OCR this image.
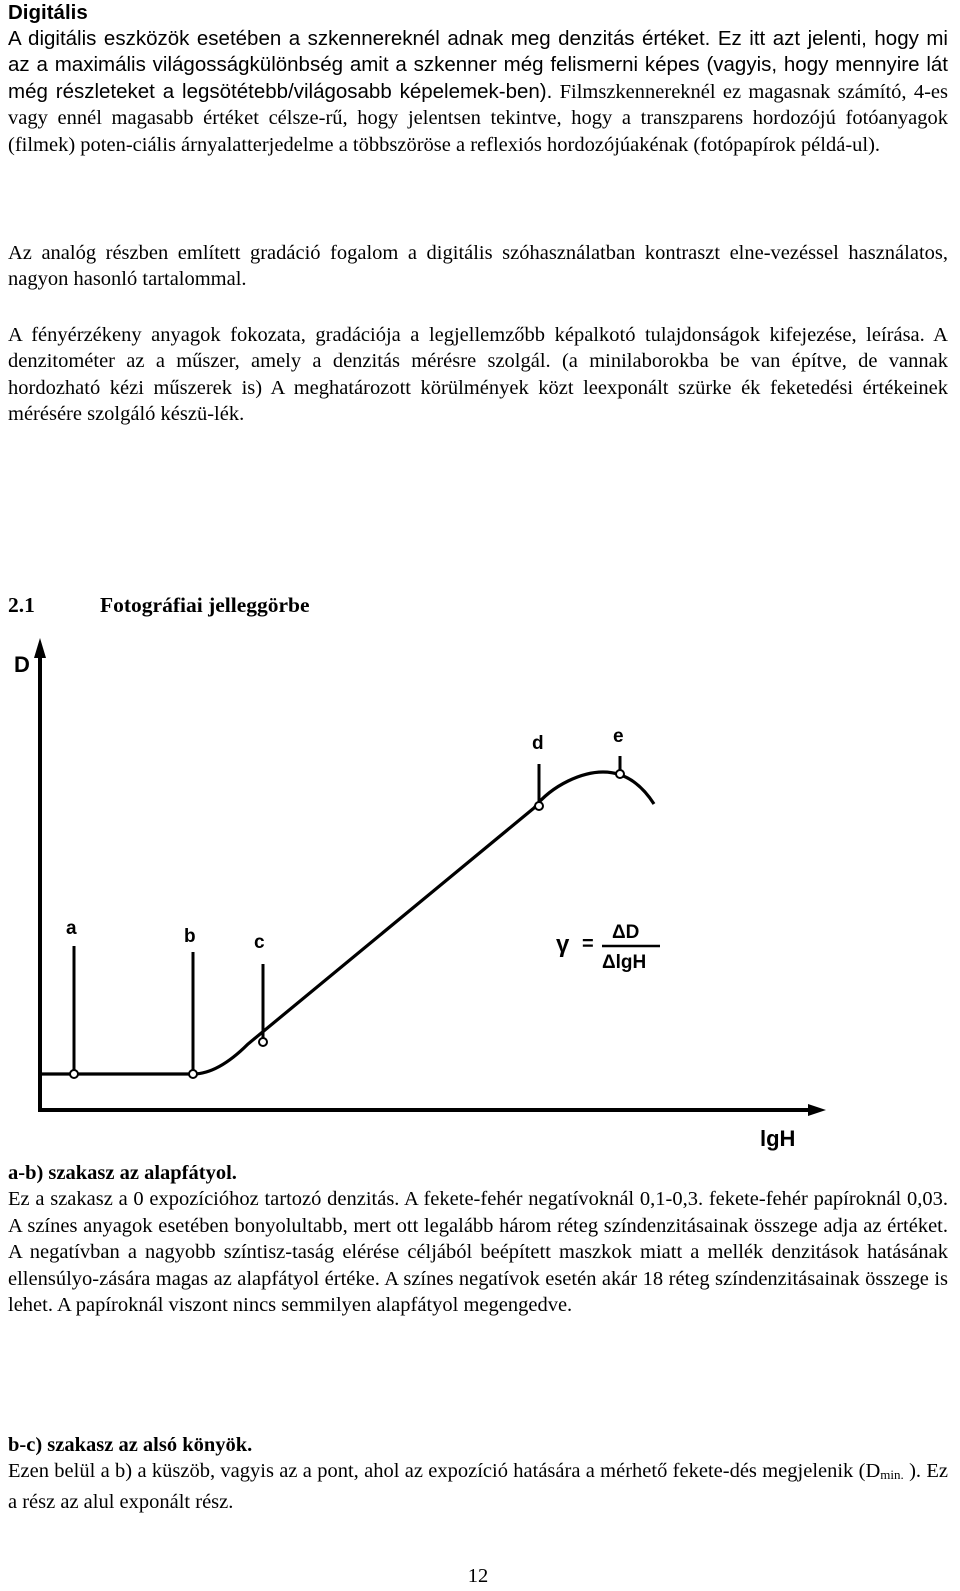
Digitális

A digitális eszközök esetében a szkennereknél adnak meg denzitás értéket. Ez itt azt jelenti, hogy mi az a maximális világosságkülönbség amit a szkenner még felismerni képes (vagyis, hogy mennyire lát még részleteket a legsötétebb/világosabb képelemek-ben). Filmszkennereknél ez magasnak számító, 4-es vagy ennél magasabb értéket célsze-rű, hogy jelentsen tekintve, hogy a transzparens hordozójú fotóanyagok (filmek) poten-ciális árnyalatterjedelme a többszöröse a reflexiós hordozójúakénak (fotópapírok példá-ul).

Az analóg részben említett gradáció fogalom a digitális szóhasználatban kontraszt elne-vezéssel használatos, nagyon hasonló tartalommal.

A fényérzékeny anyagok fokozata, gradációja a legjellemzőbb képalkotó tulajdonságok kifejezése, leírása. A denzitométer az a műszer, amely a denzitás mérésre szolgál. (a minilaborokba be van építve, de vannak hordozható kézi műszerek is) A meghatározott körülmények közt leexponált szürke ék feketedési értékeinek mérésére szolgáló készü-lék.

2.1	Fotográfiai jelleggörbe
D
lgH
a	b	c
d	e
γ =
ΔD
ΔlgH

a-b) szakasz az alapfátyol.

Ez a szakasz a 0 expozícióhoz tartozó denzitás. A fekete-fehér negatívoknál 0,1-0,3. fekete-fehér papíroknál 0,03. A színes anyagok esetében bonyolultabb, mert ott legalább három réteg színdenzitásainak összege adja az értéket. A negatívban a nagyobb színtisz-taság elérése céljából beépített maszkok miatt a mellék denzitások hatásának ellensúlyo-zására magas az alapfátyol értéke. A színes negatívok esetén akár 18 réteg színdenzitásainak összege is lehet. A papíroknál viszont nincs semmilyen alapfátyol megengedve.

b-c) szakasz az alsó könyök.

Ezen belül a b) a küszöb, vagyis az a pont, ahol az expozíció hatására a mérhető fekete-dés megjelenik (Dmin. ). Ez a rész az alul exponált rész.

12
